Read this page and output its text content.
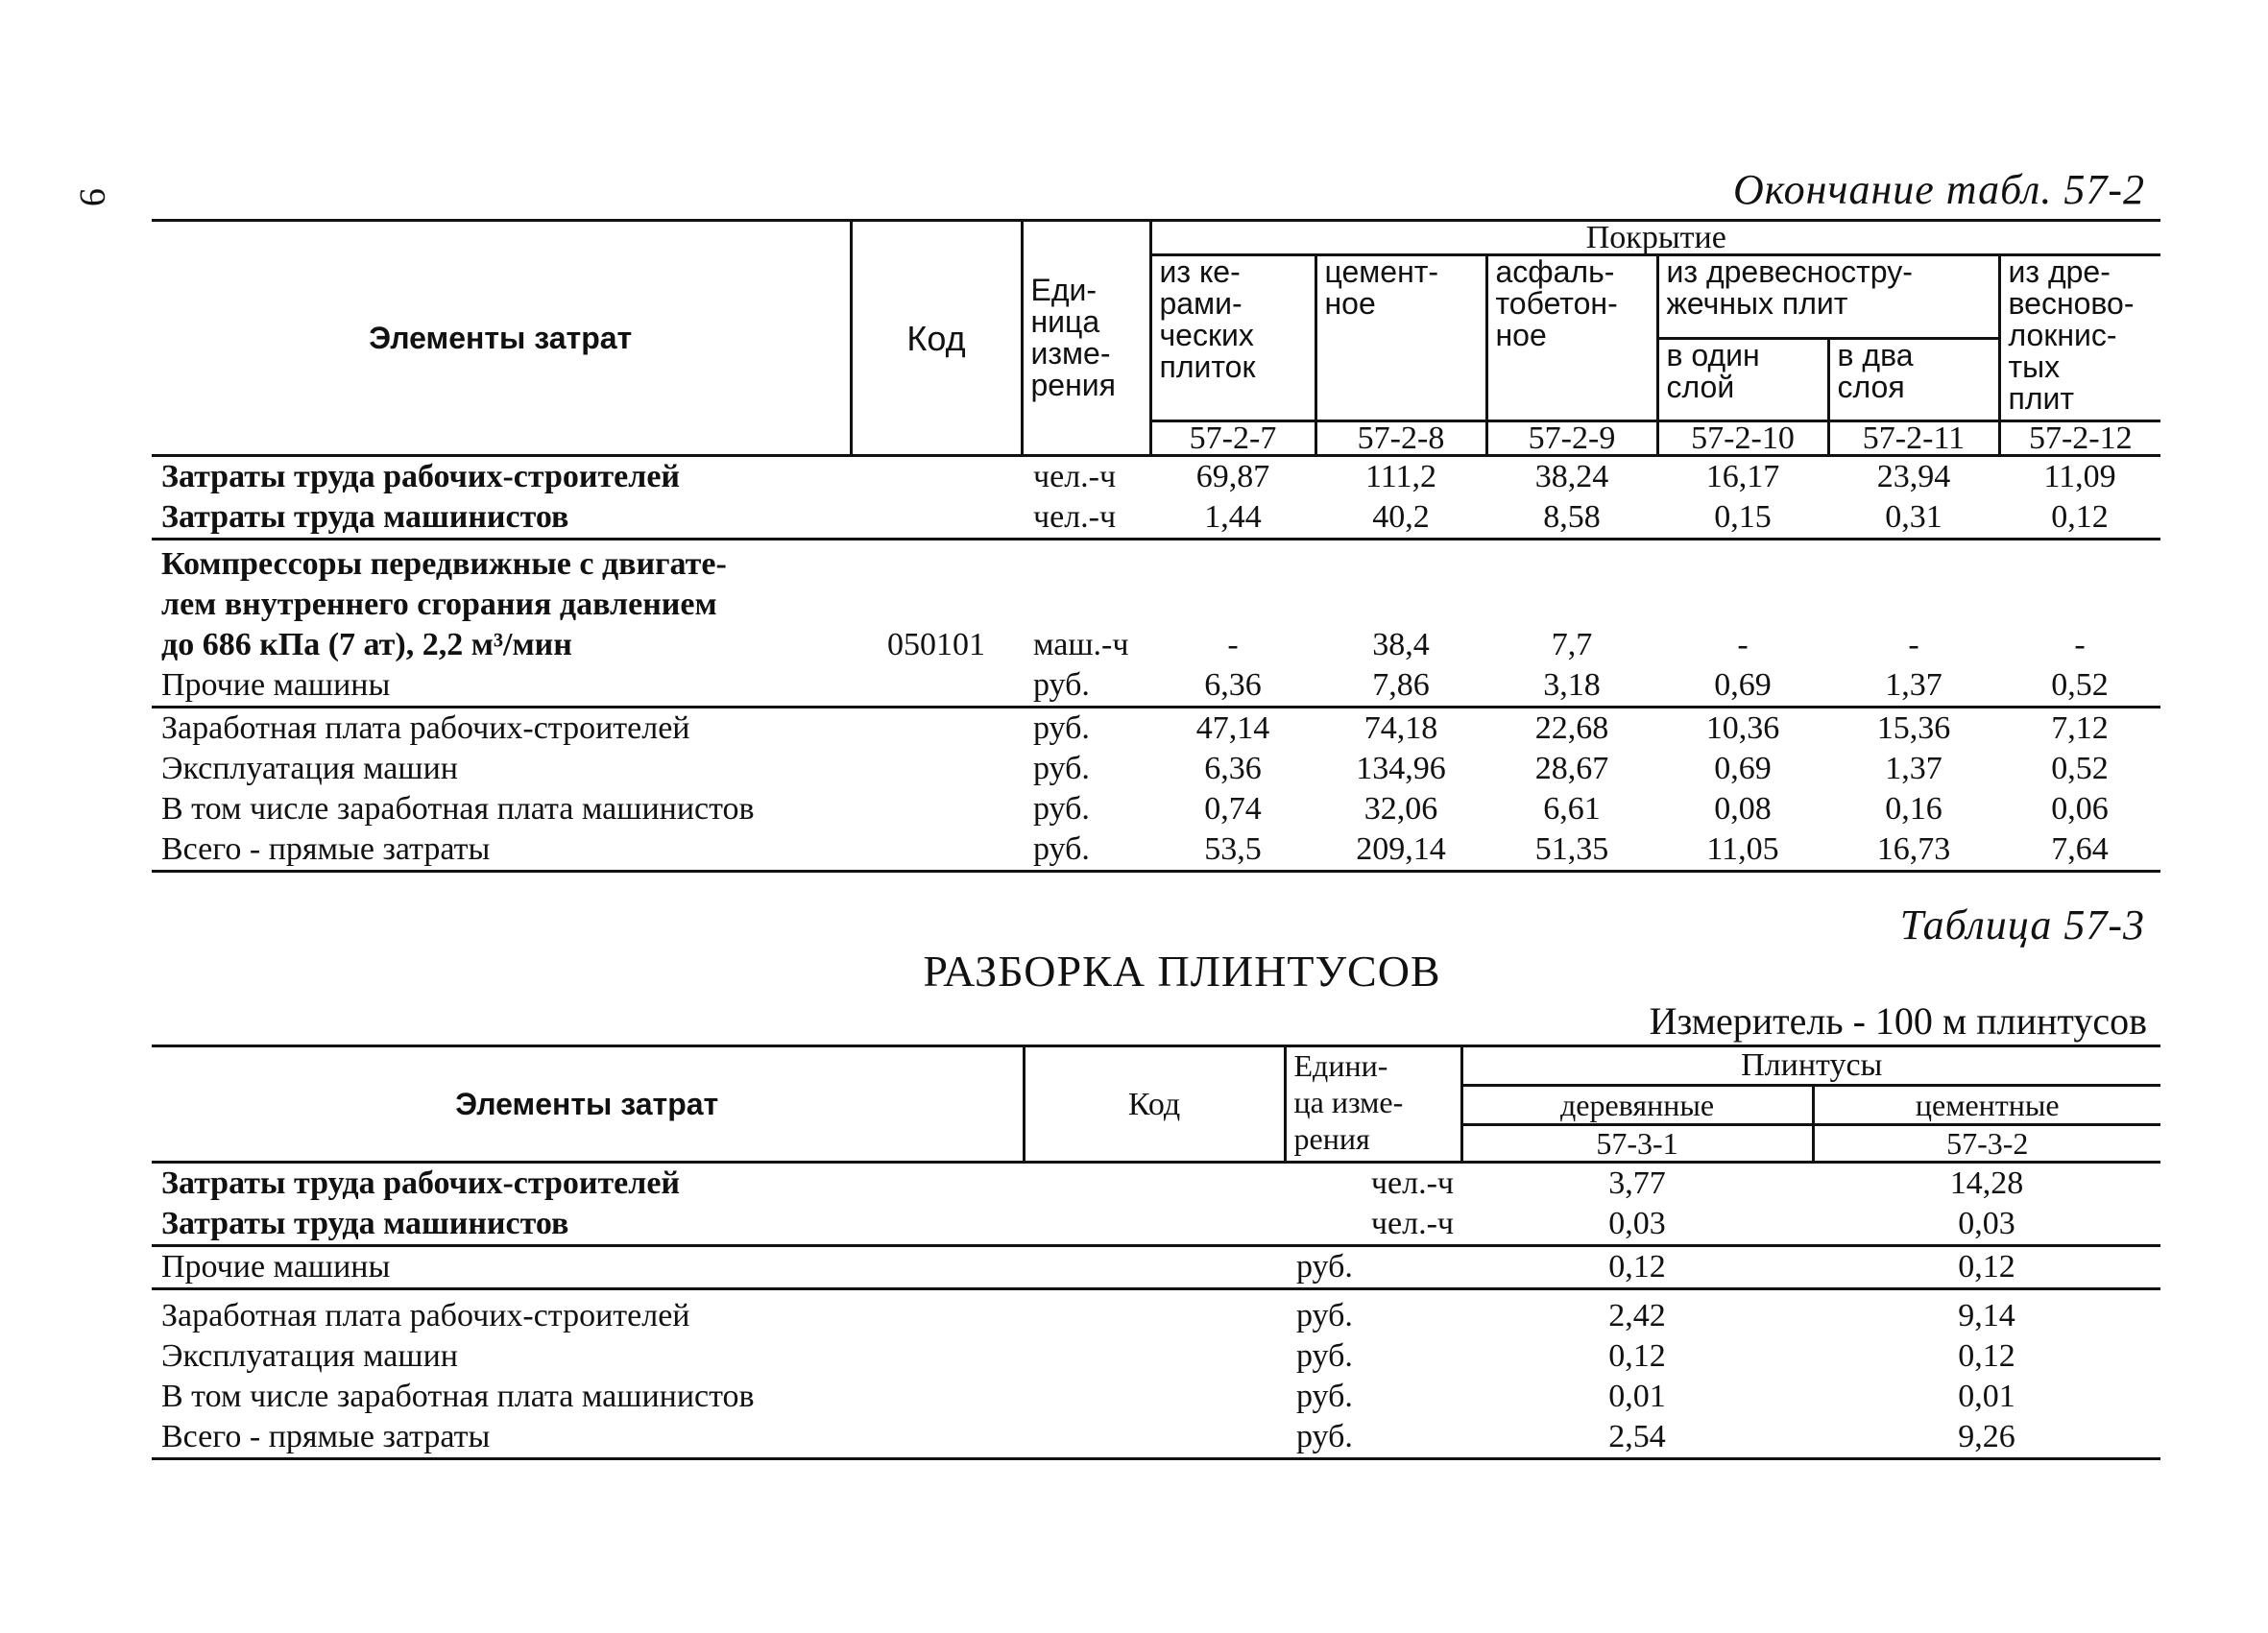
9	Окончание табл. 57-2
Элементы затрат	Код	Еди-
ница
изме-
рения	Покрытие					
			из ке-
рами-
ческих
плиток	цемент-
ное	асфаль-
тобетон-
ное	из древесностру-
жечных плит		из дре-
весново-
локнис-
тых
плит
						в один
слой	в два
слоя	
			57-2-7	57-2-8	57-2-9	57-2-10	57-2-11	57-2-12
Затраты труда рабочих-строителей		чел.-ч	69,87	111,2	38,24	16,17	23,94	11,09
Затраты труда машинистов		чел.-ч	1,44	40,2	8,58	0,15	0,31	0,12

Компрессоры передвижные с двигате-
лем внутреннего сгорания давлением
до 686 кПа (7 ат), 2,2 м³/мин	050101	маш.-ч	-	38,4	7,7	-	-	-
Прочие машины		руб.	6,36	7,86	3,18	0,69	1,37	0,52
Заработная плата рабочих-строителей		руб.	47,14	74,18	22,68	10,36	15,36	7,12
Эксплуатация машин		руб.	6,36	134,96	28,67	0,69	1,37	0,52
В том числе заработная плата машинистов		руб.	0,74	32,06	6,61	0,08	0,16	0,06
Всего - прямые затраты		руб.	53,5	209,14	51,35	11,05	16,73	7,64
Таблица 57-3
РАЗБОРКА ПЛИНТУСОВ
Измеритель - 100 м плинтусов
Элементы затрат	Код	Едини-
ца изме-
рения	Плинтусы	
			деревянные	цементные
			57-3-1	57-3-2
Затраты труда рабочих-строителей		чел.-ч	3,77	14,28
Затраты труда машинистов		чел.-ч	0,03	0,03
Прочие машины		руб.	0,12	0,12
Заработная плата рабочих-строителей		руб.	2,42	9,14
Эксплуатация машин		руб.	0,12	0,12
В том числе заработная плата машинистов		руб.	0,01	0,01
Всего - прямые затраты		руб.	2,54	9,26
